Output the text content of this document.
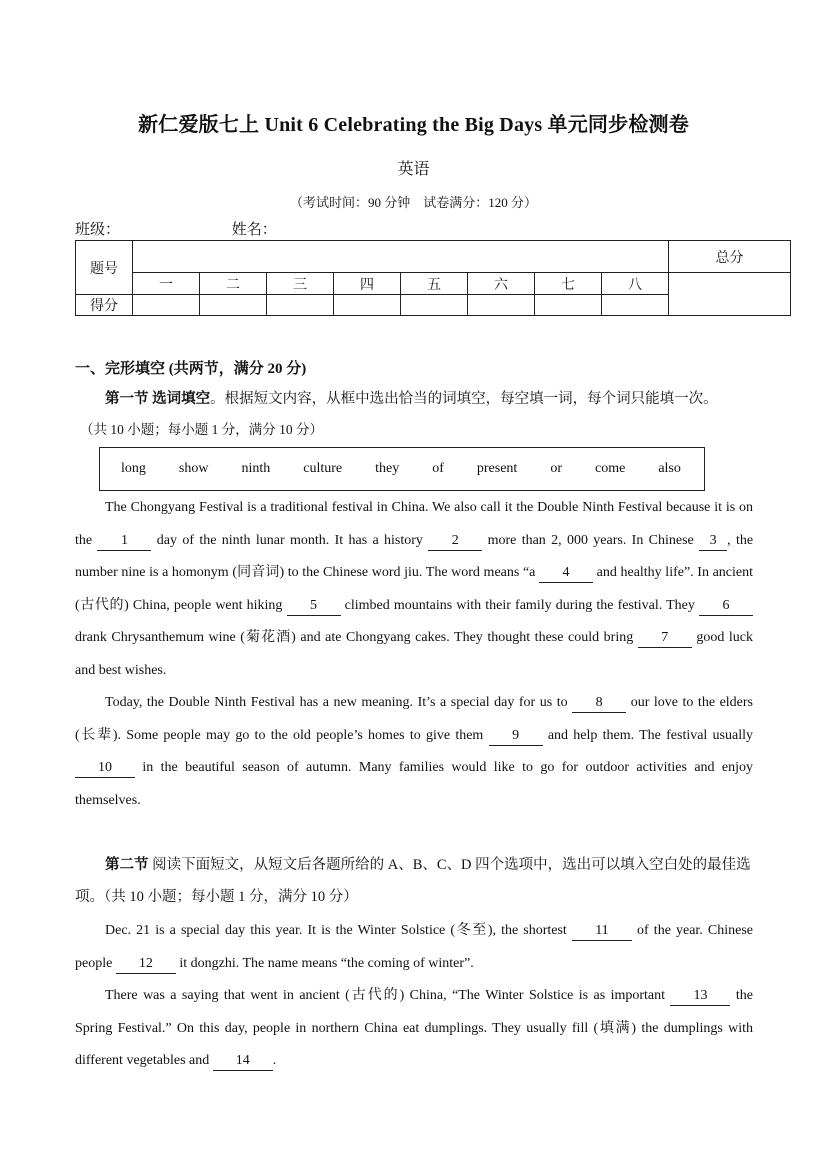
新仁爱版七上 Unit 6 Celebrating the Big Days 单元同步检测卷
英语
（考试时间：90 分钟　试卷满分：120 分）
班级：	姓名：
题号									总分
	一	二	三	四	五	六	七	八	
得分									
一、完形填空 (共两节，满分 20 分)
第一节 选词填空。根据短文内容，从框中选出恰当的词填空，每空填一词，每个词只能填一次。
（共 10 小题；每小题 1 分，满分 10 分）
long show ninth culture they of present or come also
The Chongyang Festival is a traditional festival in China. We also call it the Double Ninth Festival because it is on the 1 day of the ninth lunar month. It has a history 2 more than 2, 000 years. In Chinese 3 , the number nine is a homonym (同音词) to the Chinese word jiu. The word means “a 4 and healthy life”. In ancient (古代的) China, people went hiking 5 climbed mountains with their family during the festival. They 6 drank Chrysanthemum wine (菊花酒) and ate Chongyang cakes. They thought these could bring 7 good luck and best wishes.
Today, the Double Ninth Festival has a new meaning. It’s a special day for us to 8 our love to the elders (长辈). Some people may go to the old people’s homes to give them 9 and help them. The festival usually 10 in the beautiful season of autumn. Many families would like to go for outdoor activities and enjoy themselves.
第二节 阅读下面短文，从短文后各题所给的 A、B、C、D 四个选项中，选出可以填入空白处的最佳选项。（共 10 小题；每小题 1 分，满分 10 分）
Dec. 21 is a special day this year. It is the Winter Solstice (冬至), the shortest 11 of the year. Chinese people 12 it dongzhi. The name means “the coming of winter”.
There was a saying that went in ancient (古代的) China, “The Winter Solstice is as important 13 the Spring Festival.” On this day, people in northern China eat dumplings. They usually fill (填满) the dumplings with different vegetables and 14 .
